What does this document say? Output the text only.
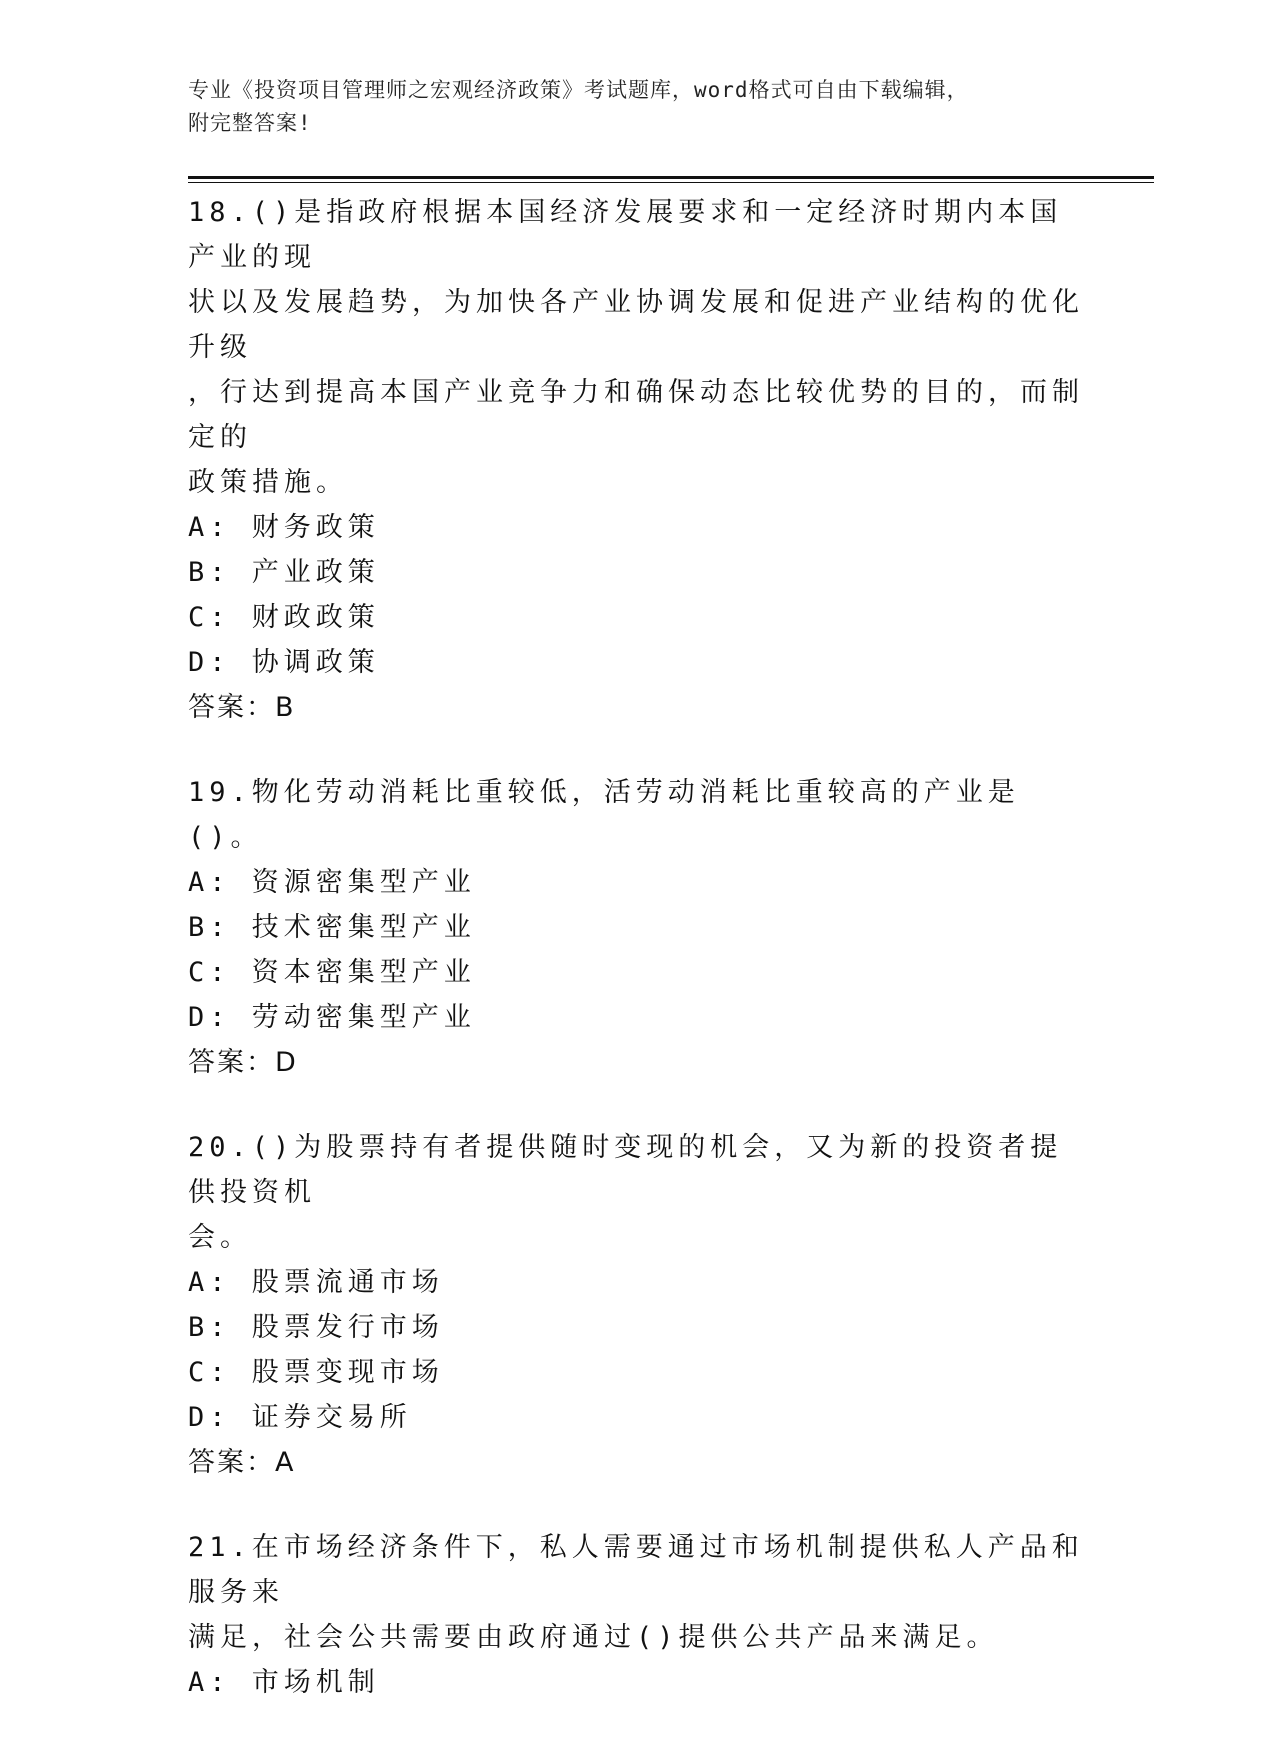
专业《投资项目管理师之宏观经济政策》考试题库，word格式可自由下载编辑，
附完整答案!

18.()是指政府根据本国经济发展要求和一定经济时期内本国产业的现

状以及发展趋势，为加快各产业协调发展和促进产业结构的优化升级

，行达到提高本国产业竞争力和确保动态比较优势的目的，而制定的

政策措施。

A: 财务政策

B: 产业政策

C: 财政政策

D: 协调政策

答案：B

19.物化劳动消耗比重较低，活劳动消耗比重较高的产业是()。

A: 资源密集型产业

B: 技术密集型产业

C: 资本密集型产业

D: 劳动密集型产业

答案：D

20.()为股票持有者提供随时变现的机会，又为新的投资者提供投资机

会。

A: 股票流通市场

B: 股票发行市场

C: 股票变现市场

D: 证券交易所

答案：A

21.在市场经济条件下，私人需要通过市场机制提供私人产品和服务来

满足，社会公共需要由政府通过()提供公共产品来满足。

A: 市场机制
